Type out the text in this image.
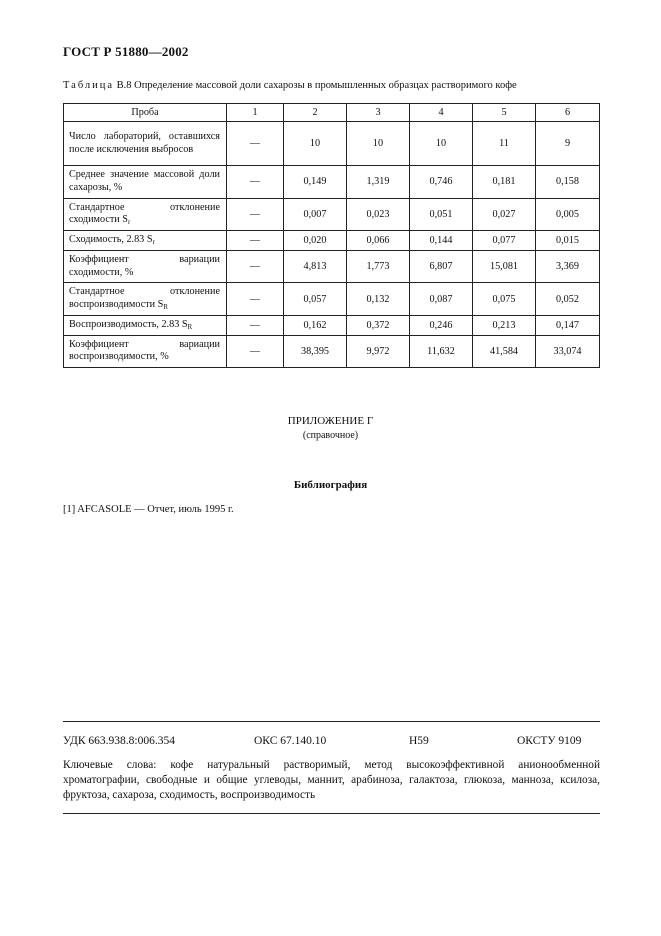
ГОСТ Р 51880—2002
Таблица В.8 Определение массовой доли сахарозы в промышленных образцах растворимого кофе
Проба	1	2	3	4	5	6
Число лабораторий, оставшихся после исключения выбросов	—	10	10	10	11	9
Среднее значение массовой доли сахарозы, %	—	0,149	1,319	0,746	0,181	0,158
Стандартное отклонение сходимости $S_r$	—	0,007	0,023	0,051	0,027	0,005
Сходимость, 2.83 $S_r$	—	0,020	0,066	0,144	0,077	0,015
Коэффициент вариации сходимости, %	—	4,813	1,773	6,807	15,081	3,369
Стандартное отклонение воспроизводимости $S_R$	—	0,057	0,132	0,087	0,075	0,052
Воспроизводимость, 2.83 $S_R$	—	0,162	0,372	0,246	0,213	0,147
Коэффициент вариации воспроизводимости, %	—	38,395	9,972	11,632	41,584	33,074
ПРИЛОЖЕНИЕ Г
(справочное)
Библиография
[1] AFCASOLE — Отчет, июль 1995 г.
УДК 663.938.8:006.354	ОКС 67.140.10	Н59	ОКСТУ 9109
Ключевые слова: кофе натуральный растворимый, метод высокоэффективной анионообменной хроматографии, свободные и общие углеводы, маннит, арабиноза, галактоза, глюкоза, манноза, ксилоза, фруктоза, сахароза, сходимость, воспроизводимость
